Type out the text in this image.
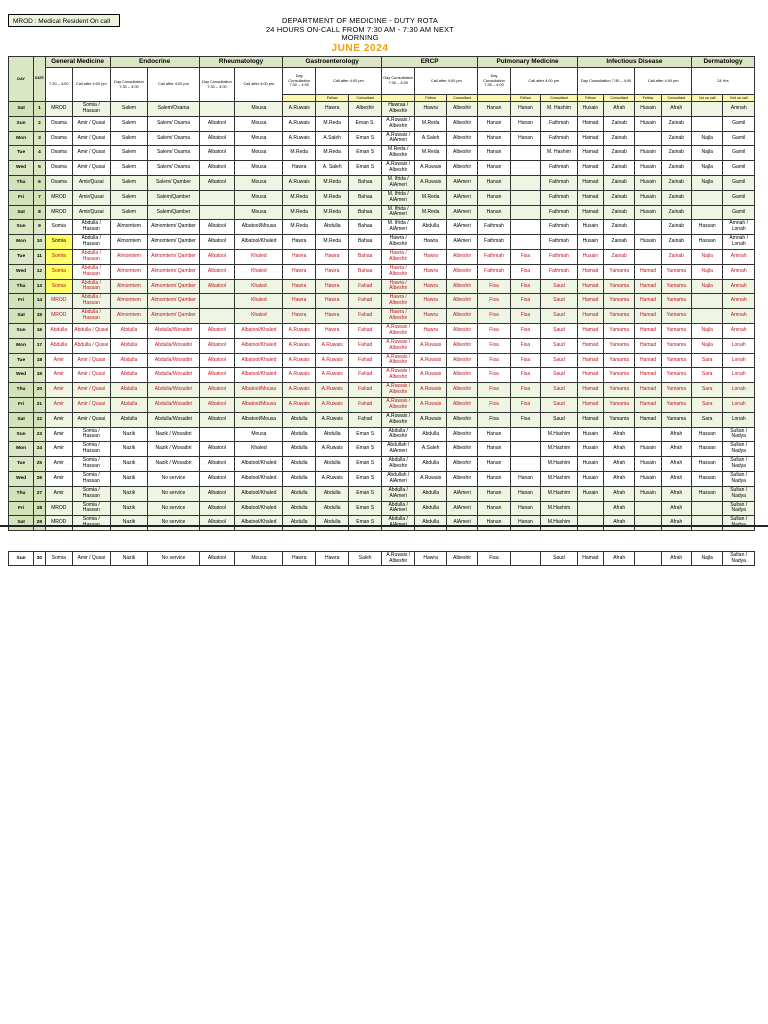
MROD : Medical Resident On call	DEPARTMENT OF MEDICINE - DUTY ROTA
24 HOURS ON-CALL FROM 7:30 AM - 7:30 AM NEXT
MORNING
JUNE 2024
DAY	DATE	General Medicine		Endocrine		Rheumatology		Gastroenterology			ERCP			Pulmonary Medicine			Infectious Disease				Dermatology	
		7:30 – 4:00	Call after 4:00 pm	Day Consultation 7:30 – 4:00	Call after 4:00 pm	Day Consultation 7:30 – 4:00	Call after 4:00 pm	Day Consultation 7:30 – 4:00	Call after 4:00 pm		Day Consultation 7:30 – 4:00	Call after 4:00 pm		Day Consultation 7:30 – 4:00	Call after 4:00 pm		Day Consultation 7:30 – 4:00		Call after 4:00 pm		24 Hrs	
									Fellow	Consultant		Fellow	Consultant		Fellow	Consultant	Fellow	Consultant	Fellow	Consultant	1st on call	2nd on call
Sat	1	MROD	Somia / Hassan	Salem	Salem/Osama		Mousa	A.Ruwais	Hawra	Albeshir	Hawraa / Albeshir	Hawra	Albeshir	Hanan	Hanan	M. Hashim	Husain	Afrah	Husain	Afrah		Amnah
Sun	2	Osama	Amir / Qusai	Salem	Salem/ Osama	Albatool	Mousa	A.Ruwais	M.Reda	Eman S.	A.Ruwais / Albeshir	M.Reda	Albeshir	Hanan	Hanan	Fathmah	Hamad	Zainab	Husain	Zainab		Gamil
Mon	3	Osama	Amir / Qusai	Salem	Salem/ Osama	Albatool	Mousa	A.Ruwais	A.Saleh	Eman S	A.Ruwais / AlAmeri	A.Saleh	Albeshir	Hanan	Hanan	Fathmah	Hamad	Zainab		Zainab	Najla	Gamil
Tue	4	Osama	Amir / Qusai	Salem	Salem/ Osama	Albatool	Mousa	M.Reda	M.Reda	Eman S	M.Reda / Albeshir	M.Reda	Albeshir	Hanan		M. Hashim	Hamad	Zainab	Husain	Zainab	Najla	Gamil
Wed	5	Osama	Amir / Qusai	Salem	Salem/ Osama	Albatool	Mousa	Hawra	A. Saleh	Eman S	A.Ruwais / Albeshir	A.Ruwais	Albeshir	Hanan		Fathmah	Hamad	Zainab	Husain	Zainab	Najla	Gamil
Thu	6	Osama	Amir/Qusai	Salem	Salem/ Qamber	Albatool	Mousa	A.Ruwais	M.Reda	Bahaa	M. Ifrida / AlAmeri	A.Ruwais	AlAmeri	Hanan		Fathmah	Hamad	Zainab	Husain	Zainab	Najla	Gamil
Fri	7	MROD	Amir/Qusai	Salem	Salem/Qamber		Mousa	M.Reda	M.Reda	Bahaa	M. Ifrida / AlAmeri	M.Reda	AlAmeri	Hanan		Fathmah	Hamad	Zainab	Husain	Zainab		Gamil
Sat	8	MROD	Amir/Qusai	Salem	Salem/Qamber		Mousa	M.Reda	M.Reda	Bahaa	M. Ifrida / AlAmeri	M.Reda	AlAmeri	Hanan		Fathmah	Hamad	Zainab	Husain	Zainab		Gamil
Sun	9	Somia	Abdulla / Hassan	Almomtem	Almomtem/ Qamber	Albatool	Albatool/Mousa	M.Reda	Abdulla	Bahaa	M. Ifrida / AlAmeri	Abdulla	AlAmeri	Fathmah		Fathmah	Husain	Zainab		Zainab	Hassan	Amnah / Lonah
Mon	10	Somia	Abdulla / Hassan	Almomtem	Almomtem/ Qamber	Albatool	Albatool/Khaled	Hawra	M.Reda	Bahaa	Hawra / Albeshir	Hawra	AlAmeri	Fathmah		Fathmah	Husain	Zainab	Husain	Zainab	Hassan	Amnah / Lonah
Tue	11	Somia	Abdulla / Hassan	Almomtem	Almomtem/ Qamber	Albatool	Khaled	Hawra	Hawra	Bahaa	Hawra / Albeshir	Hawra	Albeshir	Fathmah	Fisa	Fathmah	Husain	Zainab		Zainab	Najla	Amnah
Wed	12	Somia	Abdulla / Hassan	Almomtem	Almomtem/ Qamber	Albatool	Khaled	Hawra	Hawra	Bahaa	Hawra / Albeshir	Hawra	Albeshir	Fathmah	Fisa	Fathmah	Hamad	Yamama	Hamad	Yamama	Najla	Amnah
Thu	13	Somia	Abdulla / Hassan	Almomtem	Almomtem/ Qamber	Albatool	Khaled	Hawra	Hawra	Fahad	Hawra / Albeshir	Hawra	Albeshir	Fisa	Fisa	Saud	Hamad	Yamama	Hamad	Yamama	Najla	Amnah
Fri	14	MROD	Abdulla / Hassan	Almomtem	Almomtem/ Qamber		Khaled	Hawra	Hawra	Fahad	Hawra / Albeshir	Hawra	Albeshir	Fisa	Fisa	Saud	Hamad	Yamama	Hamad	Yamama		Amnah
Sat	15	MROD	Abdulla / Hassan	Almomtem	Almomtem/ Qamber		Khaled	Hawra	Hawra	Fahad	Hawra / Albeshir	Hawra	Albeshir	Fisa	Fisa	Saud	Hamad	Yamama	Hamad	Yamama		Amnah
Sun	16	Abdulla	Abdulla / Qusai	Abdulla	Abdulla/Wosaibri	Albatool	Albatool/Khaled	A.Ruwais	Hawra	Fahad	A.Ruwais / Albeshir	Hawra	Albeshir	Fisa	Fisa	Saud	Hamad	Yamama	Hamad	Yamama	Najla	Amnah
Mon	17	Abdulla	Abdulla / Qusai	Abdulla	Abdulla/Wosaibri	Albatool	Albatool/Khaled	A.Ruwais	A.Ruwais	Fahad	A.Ruwais / Albeshir	A.Ruwais	Albeshir	Fisa	Fisa	Saud	Hamad	Yamama	Hamad	Yamama	Najla	Lonah
Tue	18	Amir	Amir / Qusai	Abdulla	Abdulla/Wosaibri	Albatool	Albatool/Khaled	A.Ruwais	A.Ruwais	Fahad	A.Ruwais / Albeshir	A.Ruwais	Albeshir	Fisa	Fisa	Saud	Hamad	Yamama	Hamad	Yamama	Sara	Lonah
Wed	19	Amir	Amir / Qusai	Abdulla	Abdulla/Wosaibri	Albatool	Albatool/Khaled	A.Ruwais	A.Ruwais	Fahad	A.Ruwais / Albeshir	A.Ruwais	Albeshir	Fisa	Fisa	Saud	Hamad	Yamama	Hamad	Yamama	Sara	Lonah
Thu	20	Amir	Amir / Qusai	Abdulla	Abdulla/Wosaibri	Albatool	Albatool/Mousa	A.Ruwais	A.Ruwais	Fahad	A.Ruwais / Albeshir	A.Ruwais	Albeshir	Fisa	Fisa	Saud	Hamad	Yamama	Hamad	Yamama	Sara	Lonah
Fri	21	Amir	Amir / Qusai	Abdulla	Abdulla/Wosaibri	Albatool	Albatool/Mousa	A.Ruwais	A.Ruwais	Fahad	A.Ruwais / Albeshir	A.Ruwais	Albeshir	Fisa	Fisa	Saud	Hamad	Yamama	Hamad	Yamama	Sara	Lonah
Sat	22	Amir	Amir / Qusai	Abdulla	Abdulla/Wosaibri	Albatool	Albatool/Mousa	Abdulla	A.Ruwais	Fahad	A.Ruwais / Albeshir	A.Ruwais	Albeshir	Fisa	Fisa	Saud	Hamad	Yamama	Hamad	Yamama	Sara	Lonah
Sun	23	Amir	Somia / Hassan	Nazik	Nazik / Wosaibri		Mousa	Abdulla	Abdulla	Eman S	Abdulla / Albeshir	Abdulla	Albeshir	Hanan		M.Hashim	Husain	Afrah		Afrah	Hassan	Sultan / Nadya
Mon	24	Amir	Somia / Hassan	Nazik	Nazik / Wosaibri	Albatool	Khaled	Abdulla	A.Ruwais	Eman S	Abdullah / AlAmeri	A.Saleh	Albeshir	Hanan		M.Hashim	Husain	Afrah	Husain	Afrah	Hassan	Sultan / Nadya
Tue	25	Amir	Somia / Hassan	Nazik	Nazik / Wosaibri	Albatool	Albatool/Khaled	Abdulla	Abdulla	Eman S	Abdulla / Albeshir	Abdulla	Albeshir	Hanan		M.Hashim	Husain	Afrah	Husain	Afrah	Hassan	Sultan / Nadya
Wed	26	Amir	Somia / Hassan	Nazik	No service	Albatool	Albatool/Khaled	Abdulla	A.Ruwais	Eman S	Abdullah / AlAmeri	A.Ruwais	Albeshir	Hanan	Hanan	M.Hashim	Husain	Afrah	Husain	Afrah	Hassan	Sultan / Nadya
Thu	27	Amir	Somia / Hassan	Nazik	No service	Albatool	Albatool/Khaled	Abdulla	Abdulla	Eman S	Abdulla / AlAmeri	Abdulla	AlAmeri	Hanan	Hanan	M.Hashim	Husain	Afrah	Husain	Afrah	Hassan	Sultan / Nadya
Fri	28	MROD	Somia / Hassan	Nazik	No service	Albatool	Albatool/Khaled	Abdulla	Abdulla	Eman S	Abdulla / AlAmeri	Abdulla	AlAmeri	Hanan	Hanan	M.Hashim		Afrah		Afrah		Sultan / Nadya
Sat	29	MROD	Somia /	Nazik	No service	Albatool	Albatool/Khaled	Abdulla	Abdulla	Eman S	Abdulla /	Abdulla	AlAmeri	Hanan	Hanan	M.Hashim		Afrah		Afrah		Sultan /
Sun	30	Somia	Amir / Qusai	Nazik	No service	Albatool	Mousa	Hawra	Hawra	Saleh	A.Ruwais / Albeshir	Hawra	Albeshir	Fisa		Saud	Hamad	Afrah		Afrah	Najla	Sultan / Nadya
